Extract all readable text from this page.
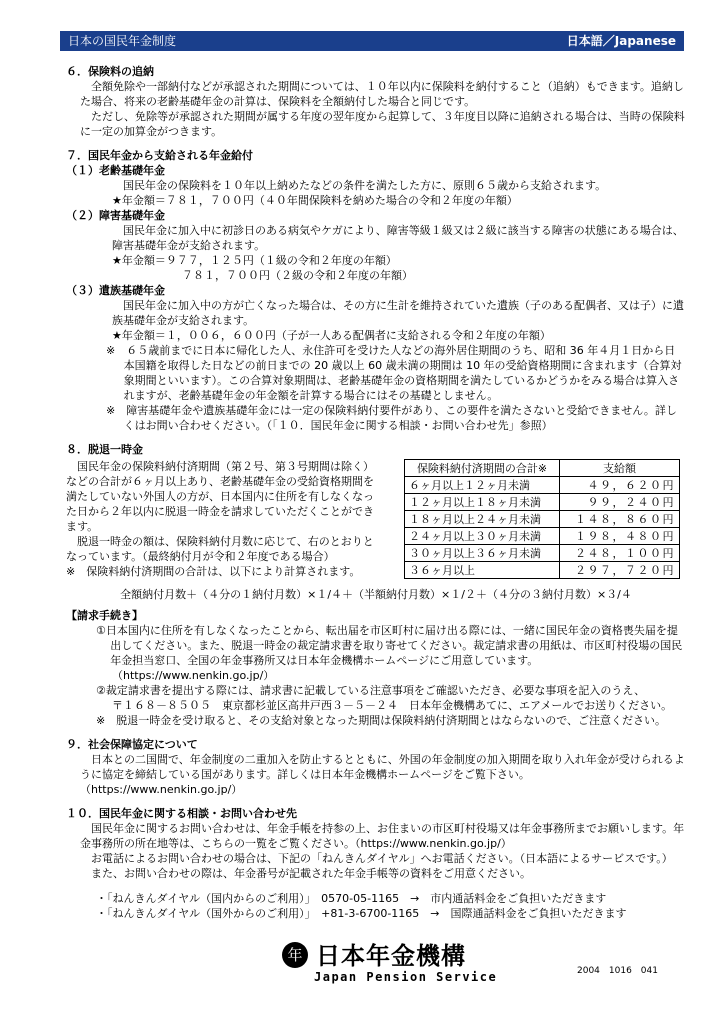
日本の国民年金制度	日本語／Japanese
６．保険料の追納

全額免除や一部納付などが承認された期間については、１０年以内に保険料を納付すること（追納）もできます。追納した場合、将来の老齢基礎年金の計算は、保険料を全額納付した場合と同じです。

ただし、免除等が承認された期間が属する年度の翌年度から起算して、３年度目以降に追納される場合は、当時の保険料に一定の加算金がつきます。

７．国民年金から支給される年金給付

（１）老齢基礎年金

国民年金の保険料を１０年以上納めたなどの条件を満たした方に、原則６５歳から支給されます。

★年金額＝７８１，７００円（４０年間保険料を納めた場合の令和２年度の年額）

（２）障害基礎年金

国民年金に加入中に初診日のある病気やケガにより、障害等級１級又は２級に該当する障害の状態にある場合は、障害基礎年金が支給されます。

★年金額＝９７７，１２５円（１級の令和２年度の年額）

７８１，７００円（２級の令和２年度の年額）

（３）遺族基礎年金

国民年金に加入中の方が亡くなった場合は、その方に生計を維持されていた遺族（子のある配偶者、又は子）に遺族基礎年金が支給されます。

★年金額＝１，００６，６００円（子が一人ある配偶者に支給される令和２年度の年額）

※　６５歳前までに日本に帰化した人、永住許可を受けた人などの海外居住期間のうち、昭和 36 年４月１日から日本国籍を取得した日などの前日までの 20 歳以上 60 歳未満の期間は 10 年の受給資格期間に含まれます（合算対象期間といいます）。この合算対象期間は、老齢基礎年金の資格期間を満たしているかどうかをみる場合は算入されますが、老齢基礎年金の年金額を計算する場合にはその基礎としません。

※　障害基礎年金や遺族基礎年金には一定の保険料納付要件があり、この要件を満たさないと受給できません。詳しくはお問い合わせください。（「１０．国民年金に関する相談・お問い合わせ先」参照）

８．脱退一時金

国民年金の保険料納付済期間（第２号、第３号期間は除く）などの合計が６ヶ月以上あり、老齢基礎年金の受給資格期間を満たしていない外国人の方が、日本国内に住所を有しなくなった日から２年以内に脱退一時金を請求していただくことができます。

脱退一時金の額は、保険料納付月数に応じて、右のとおりとなっています。（最終納付月が令和２年度である場合）

※　保険料納付済期間の合計は、以下により計算されます。

保険料納付済期間の合計※	支給額
６ヶ月以上１２ヶ月未満	４９，６２０円
１２ヶ月以上１８ヶ月未満	９９，２４０円
１８ヶ月以上２４ヶ月未満	１４８，８６０円
２４ヶ月以上３０ヶ月未満	１９８，４８０円
３０ヶ月以上３６ヶ月未満	２４８，１００円
３６ヶ月以上	２９７，７２０円

全額納付月数＋（４分の１納付月数）×１/４＋（半額納付月数）×１/２＋（４分の３納付月数）×３/４

【請求手続き】

①日本国内に住所を有しなくなったことから、転出届を市区町村に届け出る際には、一緒に国民年金の資格喪失届を提出してください。また、脱退一時金の裁定請求書を取り寄せてください。裁定請求書の用紙は、市区町村役場の国民年金担当窓口、全国の年金事務所又は日本年金機構ホームページにご用意しています。

（https://www.nenkin.go.jp/）

②裁定請求書を提出する際には、請求書に記載している注意事項をご確認いただき、必要な事項を記入のうえ、

〒１６８－８５０５　東京都杉並区高井戸西３－５－２４　日本年金機構あてに、エアメールでお送りください。

※　脱退一時金を受け取ると、その支給対象となった期間は保険料納付済期間とはならないので、ご注意ください。

９．社会保障協定について

日本との二国間で、年金制度の二重加入を防止するとともに、外国の年金制度の加入期間を取り入れ年金が受けられるように協定を締結している国があります。詳しくは日本年金機構ホームページをご覧下さい。

（https://www.nenkin.go.jp/）

１０．国民年金に関する相談・お問い合わせ先

国民年金に関するお問い合わせは、年金手帳を持参の上、お住まいの市区町村役場又は年金事務所までお願いします。年金事務所の所在地等は、こちらの一覧をご覧ください。（https://www.nenkin.go.jp/）

お電話によるお問い合わせの場合は、下記の「ねんきんダイヤル」へお電話ください。（日本語によるサービスです。）

また、お問い合わせの際は、年金番号が記載された年金手帳等の資料をご用意ください。

・「ねんきんダイヤル（国内からのご利用）」　0570-05-1165　→　市内通話料金をご負担いただきます

・「ねんきんダイヤル（国外からのご利用）」　+81-3-6700-1165　→　国際通話料金をご負担いただきます

年 日本年金機構
Japan Pension Service	2004　1016　041
